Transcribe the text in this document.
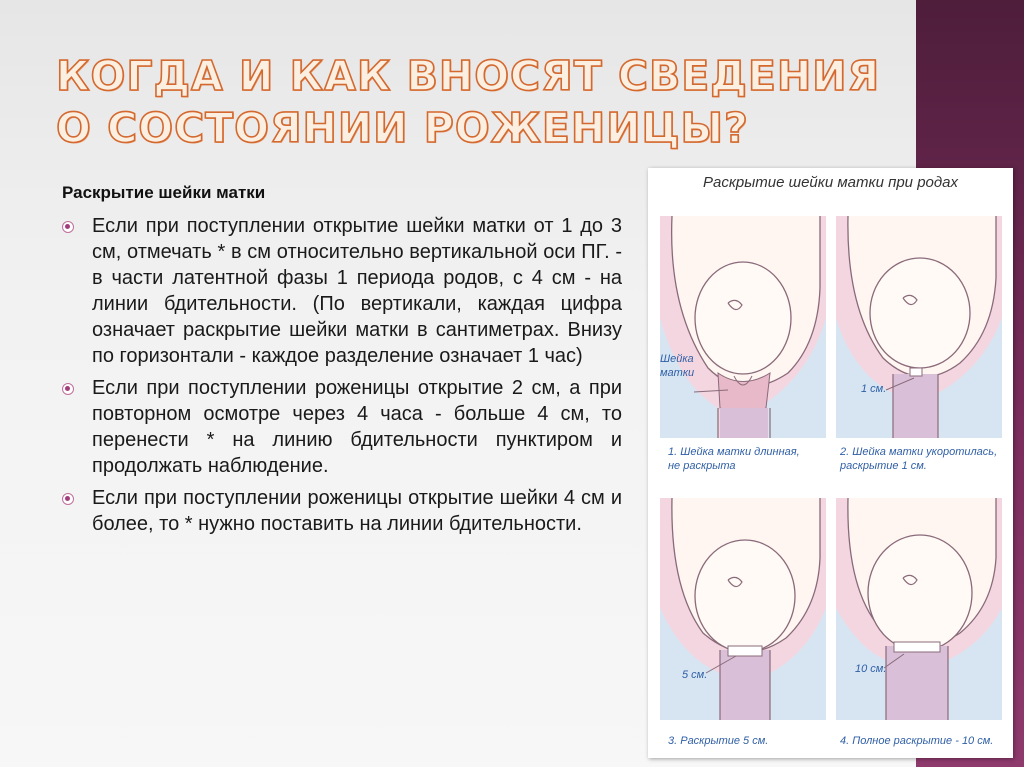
КОГДА И КАК ВНОСЯТ СВЕДЕНИЯ
О СОСТОЯНИИ РОЖЕНИЦЫ?
Раскрытие шейки матки
Если при поступлении открытие шейки матки от 1 до 3 см, отмечать * в см относительно вертикальной оси ПГ. - в части латентной фазы 1 периода родов, с 4 см - на линии бдительности. (По вертикали, каждая цифра означает раскрытие шейки матки в сантиметрах. Внизу по горизонтали - каждое разделение означает 1 час)
Если при поступлении роженицы открытие 2 см, а при повторном осмотре через 4 часа - больше 4 см, то перенести * на линию бдительности пунктиром и продолжать наблюдение.
Если при поступлении роженицы открытие шейки 4 см и более, то * нужно поставить на линии бдительности.
Раскрытие шейки матки при родах
Шейка
матки
1 см.
5 см.	10 см.
1. Шейка матки длинная,
не раскрыта
2. Шейка матки укоротилась,
раскрытие 1 см.
3. Раскрытие 5 см.	4. Полное раскрытие - 10 см.
